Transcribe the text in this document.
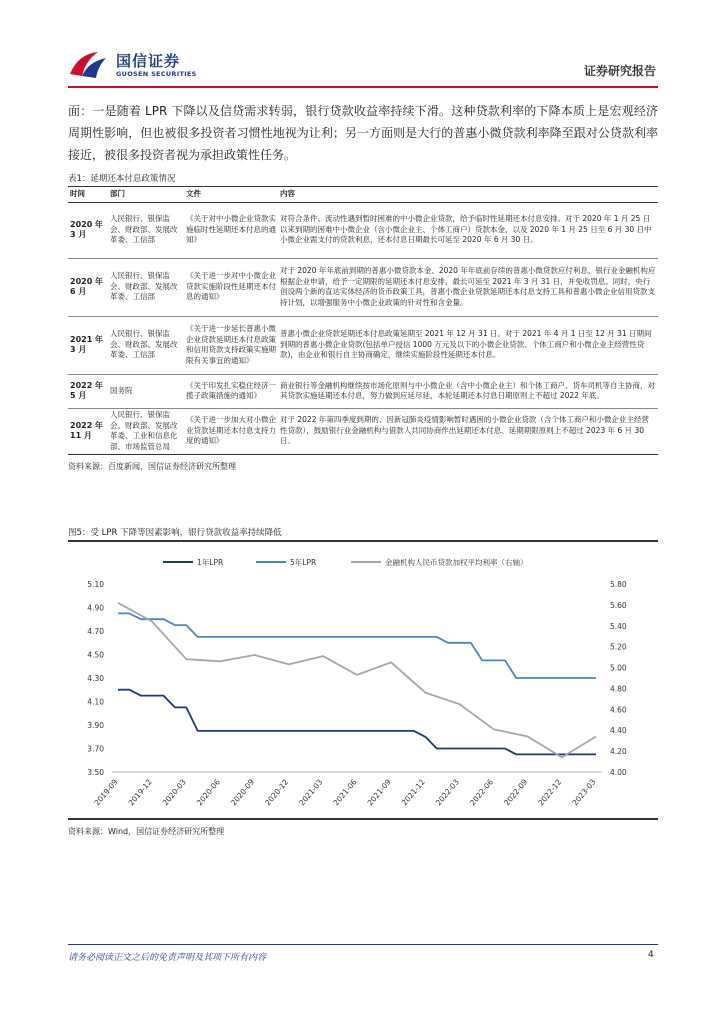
国信证券
GUOSEN SECURITIES	证券研究报告
面：一是随着 LPR 下降以及信贷需求转弱，银行贷款收益率持续下滑。这种贷款利率的下降本质上是宏观经济周期性影响，但也被很多投资者习惯性地视为让利；另一方面则是大行的普惠小微贷款利率降至跟对公贷款利率接近，被很多投资者视为承担政策性任务。
表1：延期还本付息政策情况
时间	部门	文件	内容
2020 年 3 月	人民银行、银保监会、财政部、发展改革委、工信部	《关于对中小微企业贷款实施临时性延期还本付息的通知》	对符合条件、流动性遇到暂时困难的中小微企业贷款，给予临时性延期还本付息安排。对于 2020 年 1 月 25 日以来到期的困难中小微企业（含小微企业主、个体工商户）贷款本金，以及 2020 年 1 月 25 日至 6 月 30 日中小微企业需支付的贷款利息，还本付息日期最长可延至 2020 年 6 月 30 日。
2020 年 6 月	人民银行、银保监会、财政部、发展改革委、工信部	《关于进一步对中小微企业贷款实施阶段性延期还本付息的通知》	对于 2020 年年底前到期的普惠小微贷款本金、2020 年年底前存续的普惠小微贷款应付利息，银行业金融机构应根据企业申请，给予一定期限的延期还本付息安排，最长可延至 2021 年 3 月 31 日，并免收罚息。同时，央行创设两个新的直达实体经济的货币政策工具，普惠小微企业贷款延期还本付息支持工具和普惠小微企业信用贷款支持计划，以增强服务中小微企业政策的针对性和含金量。
2021 年 3 月	人民银行、银保监会、财政部、发展改革委、工信部	《关于进一步延长普惠小微企业贷款延期还本付息政策和信用贷款支持政策实施期限有关事宜的通知》	普惠小微企业贷款延期还本付息政策延期至 2021 年 12 月 31 日。对于 2021 年 4 月 1 日至 12 月 31 日期间到期的普惠小微企业贷款(包括单户授信 1000 万元及以下的小微企业贷款、个体工商户和小微企业主经营性贷款)，由企业和银行自主协商确定，继续实施阶段性延期还本付息。
2022 年 5 月	国务院	《关于印发扎实稳住经济一揽子政策措施的通知》	商业银行等金融机构继续按市场化原则与中小微企业（含中小微企业主）和个体工商户、货车司机等自主协商，对其贷款实施延期还本付息，努力做到应延尽延，本轮延期还本付息日期原则上不超过 2022 年底。
2022 年 11 月	人民银行、银保监会、财政部、发展改革委、工业和信息化部、市场监管总局	《关于进一步加大对小微企业贷款延期还本付息支持力度的通知》	对于 2022 年第四季度到期的、因新冠肺炎疫情影响暂时遇困的小微企业贷款（含个体工商户和小微企业主经营性贷款），鼓励银行业金融机构与借款人共同协商作出延期还本付息、延期期限原则上不超过 2023 年 6 月 30 日。
资料来源：百度新闻，国信证券经济研究所整理
图5：受 LPR 下降等因素影响，银行贷款收益率持续降低
3.50
3.70
3.90
4.10
4.30
4.50
4.70
4.90
5.10
4.00
4.20
4.40
4.60
4.80
5.00
5.20
5.40
5.60
5.80
2019-09 2019-12 2020-03 2020-06 2020-09 2020-12 2021-03 2021-06 2021-09 2021-12 2022-03 2022-06 2022-09 2022-12 2023-03
1年LPR	5年LPR	金融机构人民币贷款加权平均利率（右轴）
资料来源：Wind，国信证券经济研究所整理
请务必阅读正文之后的免责声明及其项下所有内容	4
